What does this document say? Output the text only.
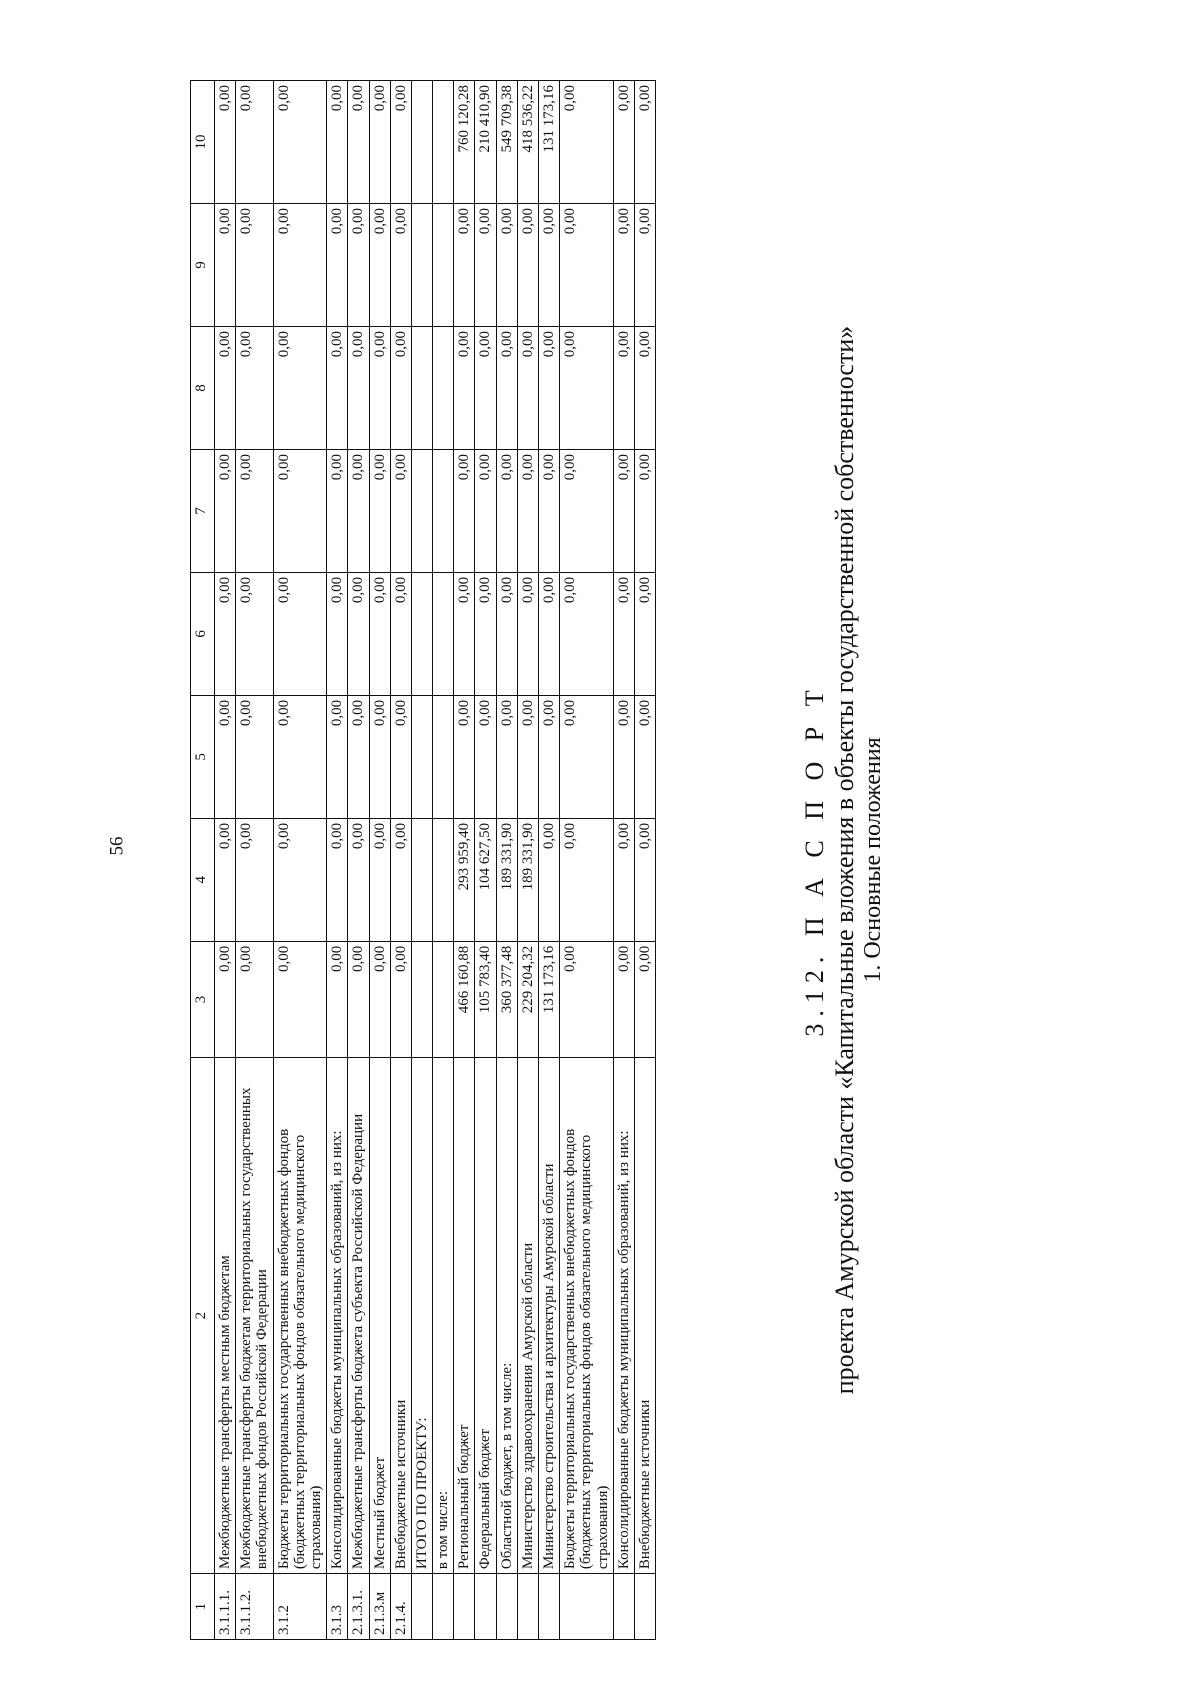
56
1	2	3	4	5	6	7	8	9	10
3.1.1.1.	Межбюджетные трансферты местным бюджетам	0,00	0,00	0,00	0,00	0,00	0,00	0,00	0,00
3.1.1.2.	Межбюджетные трансферты бюджетам территориальных государственных внебюджетных фондов Российской Федерации	0,00	0,00	0,00	0,00	0,00	0,00	0,00	0,00
3.1.2	Бюджеты территориальных государственных внебюджетных фондов (бюджетных территориальных фондов обязательного медицинского страхования)	0,00	0,00	0,00	0,00	0,00	0,00	0,00	0,00
3.1.3	Консолидированные бюджеты муниципальных образований, из них:	0,00	0,00	0,00	0,00	0,00	0,00	0,00	0,00
2.1.3.1.	Межбюджетные трансферты бюджета субъекта Российской Федерации	0,00	0,00	0,00	0,00	0,00	0,00	0,00	0,00
2.1.3.м	Местный бюджет	0,00	0,00	0,00	0,00	0,00	0,00	0,00	0,00
2.1.4.	Внебюджетные источники	0,00	0,00	0,00	0,00	0,00	0,00	0,00	0,00
	ИТОГО ПО ПРОЕКТУ:								
	в том числе:								
	Региональный бюджет	466 160,88	293 959,40	0,00	0,00	0,00	0,00	0,00	760 120,28
	Федеральный бюджет	105 783,40	104 627,50	0,00	0,00	0,00	0,00	0,00	210 410,90
	Областной бюджет, в том числе:	360 377,48	189 331,90	0,00	0,00	0,00	0,00	0,00	549 709,38
	Министерство здравоохранения Амурской области	229 204,32	189 331,90	0,00	0,00	0,00	0,00	0,00	418 536,22
	Министерство строительства и архитектуры Амурской области	131 173,16	0,00	0,00	0,00	0,00	0,00	0,00	131 173,16
	Бюджеты территориальных государственных внебюджетных фондов (бюджетных территориальных фондов обязательного медицинского страхования)	0,00	0,00	0,00	0,00	0,00	0,00	0,00	0,00
	Консолидированные бюджеты муниципальных образований, из них:	0,00	0,00	0,00	0,00	0,00	0,00	0,00	0,00
	Внебюджетные источники	0,00	0,00	0,00	0,00	0,00	0,00	0,00	0,00

3.12. П А С П О Р Т проекта Амурской области «Капитальные вложения в объекты государственной собственности» 1. Основные положения
